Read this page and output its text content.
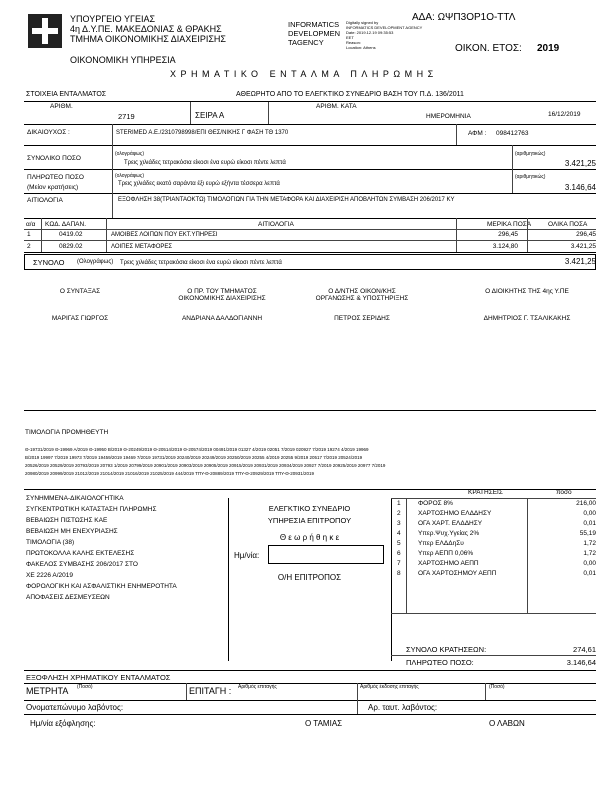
ΥΠΟΥΡΓΕΙΟ ΥΓΕΙΑΣ
4η Δ.Υ.ΠΕ. ΜΑΚΕΔΟΝΙΑΣ & ΘΡΑΚΗΣ
ΤΜΗΜΑ ΟΙΚΟΝΟΜΙΚΗΣ ΔΙΑΧΕΙΡΙΣΗΣ
ΟΙΚΟΝΟΜΙΚΗ ΥΠΗΡΕΣΙΑ
INFORMATICS
DEVELOPMEN
TAGENCY
Digitally signed by
INFORMATICS DEVELOPMENT AGENCY
Date: 2019.12.19 09:35:53
EET
Reason:
Location: Athens
ΑΔΑ: ΩΨΠ3ΟΡ1Ο-ΤΤΛ
ΟΙΚΟΝ. ΕΤΟΣ: 2019
ΧΡΗΜΑΤΙΚΟ ΕΝΤΑΛΜΑ ΠΛΗΡΩΜΗΣ
ΣΤΟΙΧΕΙΑ ΕΝΤΑΛΜΑΤΟΣ	ΑΘΕΩΡΗΤΟ ΑΠΟ ΤΟ ΕΛΕΓΚΤΙΚΟ ΣΥΝΕΔΡΙΟ ΒΑΣΗ ΤΟΥ Π.Δ. 136/2011
ΑΡΙΘΜ.
2719	ΣΕΙΡΑ Α
ΑΡΙΘΜ. ΚΑΤΑ
ΗΜΕΡΟΜΗΝΙΑ	16/12/2019
ΔΙΚΑΙΟΥΧΟΣ :	STERIMED A.E./2310798998/ΕΠΙ ΘΕΣ/ΝΙΚΗΣ Γ ΦΑΣΗ ΤΘ 1370	ΑΦΜ : 098412763
ΣΥΝΟΛΙΚΟ ΠΟΣΟ
(ολογράφως)
Τρεις χιλιάδες τετρακόσια είκοσι ένα ευρώ είκοσι πέντε λεπτά
(αριθμητικώς)
3.421,25
ΠΛΗΡΩΤΕΟ ΠΟΣΟ
(Μείον κρατήσεις)
(ολογράφως)
Τρεις χιλιάδες εκατό σαράντα έξι ευρώ εξήντα τέσσερα λεπτά
(αριθμητικώς)
3.146,64
ΑΙΤΙΟΛΟΓΙΑ	ΕΞΟΦΛΗΣΗ 38(ΤΡΙΑΝΤΑΟΚΤΩ) ΤΙΜΟΛΟΓΙΩΝ ΓΙΑ ΤΗΝ ΜΕΤΑΦΟΡΑ ΚΑΙ ΔΙΑΧΕΙΡΙΣΗ ΑΠΟΒΛΗΤΩΝ ΣΥΜΒΑΣΗ 206/2017 ΚΥ
α/α ΚΩΔ. ΔΑΠΑΝ.	ΑΙΤΙΟΛΟΓΙΑ	ΜΕΡΙΚΑ ΠΟΣΑ	ΟΛΙΚΑ ΠΟΣΑ
1	0419.02	ΑΜΟΙΒΕΣ ΛΟΙΠΩΝ ΠΟΥ ΕΚΤ.ΥΠΗΡΕΣΙ	296,45	296,45
2	0829.02	ΛΟΙΠΕΣ ΜΕΤΑΦΟΡΕΣ	3.124,80	3.421,25
ΣΥΝΟΛΟ (Ολογράφως) Τρεις χιλιάδες τετρακόσια είκοσι ένα ευρώ είκοσι πέντε λεπτά	3.421,25
Ο ΣΥΝΤΑΞΑΣ
ΜΑΡΙΓΑΣ ΓΙΩΡΓΟΣ
Ο ΠΡ. ΤΟΥ ΤΜΗΜΑΤΟΣ
ΟΙΚΟΝΟΜΙΚΗΣ ΔΙΑΧΕΙΡΙΣΗΣ
ΑΝΔΡΙΑΝΑ ΔΑΛΔΟΓΙΑΝΝΗ
Ο Δ/ΝΤΗΣ ΟΙΚΟΝ/ΚΗΣ
ΟΡΓΑΝΩΣΗΣ & ΥΠΟΣΤΗΡΙΞΗΣ
ΠΕΤΡΟΣ ΣΕΡΙΔΗΣ
Ο ΔΙΟΙΚΗΤΗΣ ΤΗΣ 4ης Υ.ΠΕ
ΔΗΜΗΤΡΙΟΣ Γ. ΤΣΑΛΙΚΑΚΗΣ
ΤΙΜΟΛΟΓΙΑ ΠΡΟΜΗΘΕΥΤΗ
Θ-19731/2019 Θ-19969 Α/2019 Θ-19950 Β/2019 Θ-20249/2019 Θ-20514/2019 Θ-20574/2019 00491/2019 01327 4/2019 02051 7/2019 020927 7/2019 19274 4/2019 19969
Β/2019 19997 7/2019 19973 7/2019 19459/2019 19469 7/2019 19731/2019 20240/2019 20249/2019 20250/2019 20255 4/2019 20255 9/2019 20517 7/2019 20524/2019
20526/2019 20529/2019 20793/2019 20793 1/2019 20799/2019 20901/2019 20903/2019 20905/2019 20915/2019 20931/2019 20934/2019 20927 7/2019 20925/2019 20977 7/2019
20980/2019 20999/2019 21012/2019 21014/2019 21016/2019 21025/2019 444/2019 ΤΠΥ-Θ-20889/2019 ΤΠΥ-Θ-20929/2019 ΤΠΥ-Θ-20931/2019
ΣΥΝΗΜΜΕΝΑ-ΔΙΚΑΙΟΛΟΓΗΤΙΚΑ
ΣΥΓΚΕΝΤΡΩΤΙΚΗ ΚΑΤΑΣΤΑΣΗ ΠΛΗΡΩΜΗΣ
ΒΕΒΑΙΩΣΗ ΠΙΣΤΩΣΗΣ ΚΑΕ
ΒΕΒΑΙΩΣΗ ΜΗ ΕΝΕΧΥΡΙΑΣΗΣ
ΤΙΜΟΛΟΓΙΑ (38)
ΠΡΩΤΟΚΟΛΛΑ ΚΑΛΗΣ ΕΚΤΕΛΕΣΗΣ
ΦΑΚΕΛΟΣ ΣΥΜΒΑΣΗΣ 206/2017 ΣΤΟ
ΧΕ 2226 Α/2019
ΦΟΡΟΛΟΓΙΚΗ ΚΑΙ ΑΣΦΑΛΙΣΤΙΚΗ ΕΝΗΜΕΡΟΤΗΤΑ
ΑΠΟΦΑΣΕΙΣ ΔΕΣΜΕΥΣΕΩΝ
ΕΛΕΓΚΤΙΚΟ ΣΥΝΕΔΡΙΟ
ΥΠΗΡΕΣΙΑ ΕΠΙΤΡΟΠΟΥ
Θ ε ω ρ ή θ η κ ε
Ημ/νία:
Ο/Η ΕΠΙΤΡΟΠΟΣ
ΚΡΑΤΗΣΕΙΣ	ποσό
1	ΦΟΡΟΣ 8%	216,00
2	ΧΑΡΤΟΣΗΜΟ ΕΛΔΔΗΣΥ	0,00
3	ΟΓΑ ΧΑΡΤ. ΕΛΔΔΗΣΥ	0,01
4	Υπερ.Ψυχ.Υγείας 2%	55,19
5	Υπερ ΕΛΔΔηΣυ	1,72
6	Υπερ ΑΕΠΠ 0,06%	1,72
7	ΧΑΡΤΟΣΗΜΟ ΑΕΠΠ	0,00
8	ΟΓΑ ΧΑΡΤΟΣΗΜΟΥ ΑΕΠΠ	0,01
ΣΥΝΟΛΟ ΚΡΑΤΗΣΕΩΝ:	274,61
ΠΛΗΡΩΤΕΟ ΠΟΣΟ:	3.146,64
ΕΞΟΦΛΗΣΗ ΧΡΗΜΑΤΙΚΟΥ ΕΝΤΑΛΜΑΤΟΣ
ΜΕΤΡΗΤΑ (Ποσό)	ΕΠΙΤΑΓΗ : Αριθμός επιταγής	Αριθμός έκδοσης επιταγής	(Ποσό)
Ονοματεπώνυμο λαβόντος:	Αρ. ταυτ. λαβόντος:
Ημ/νία εξόφλησης:	Ο ΤΑΜΙΑΣ	Ο ΛΑΒΩΝ
